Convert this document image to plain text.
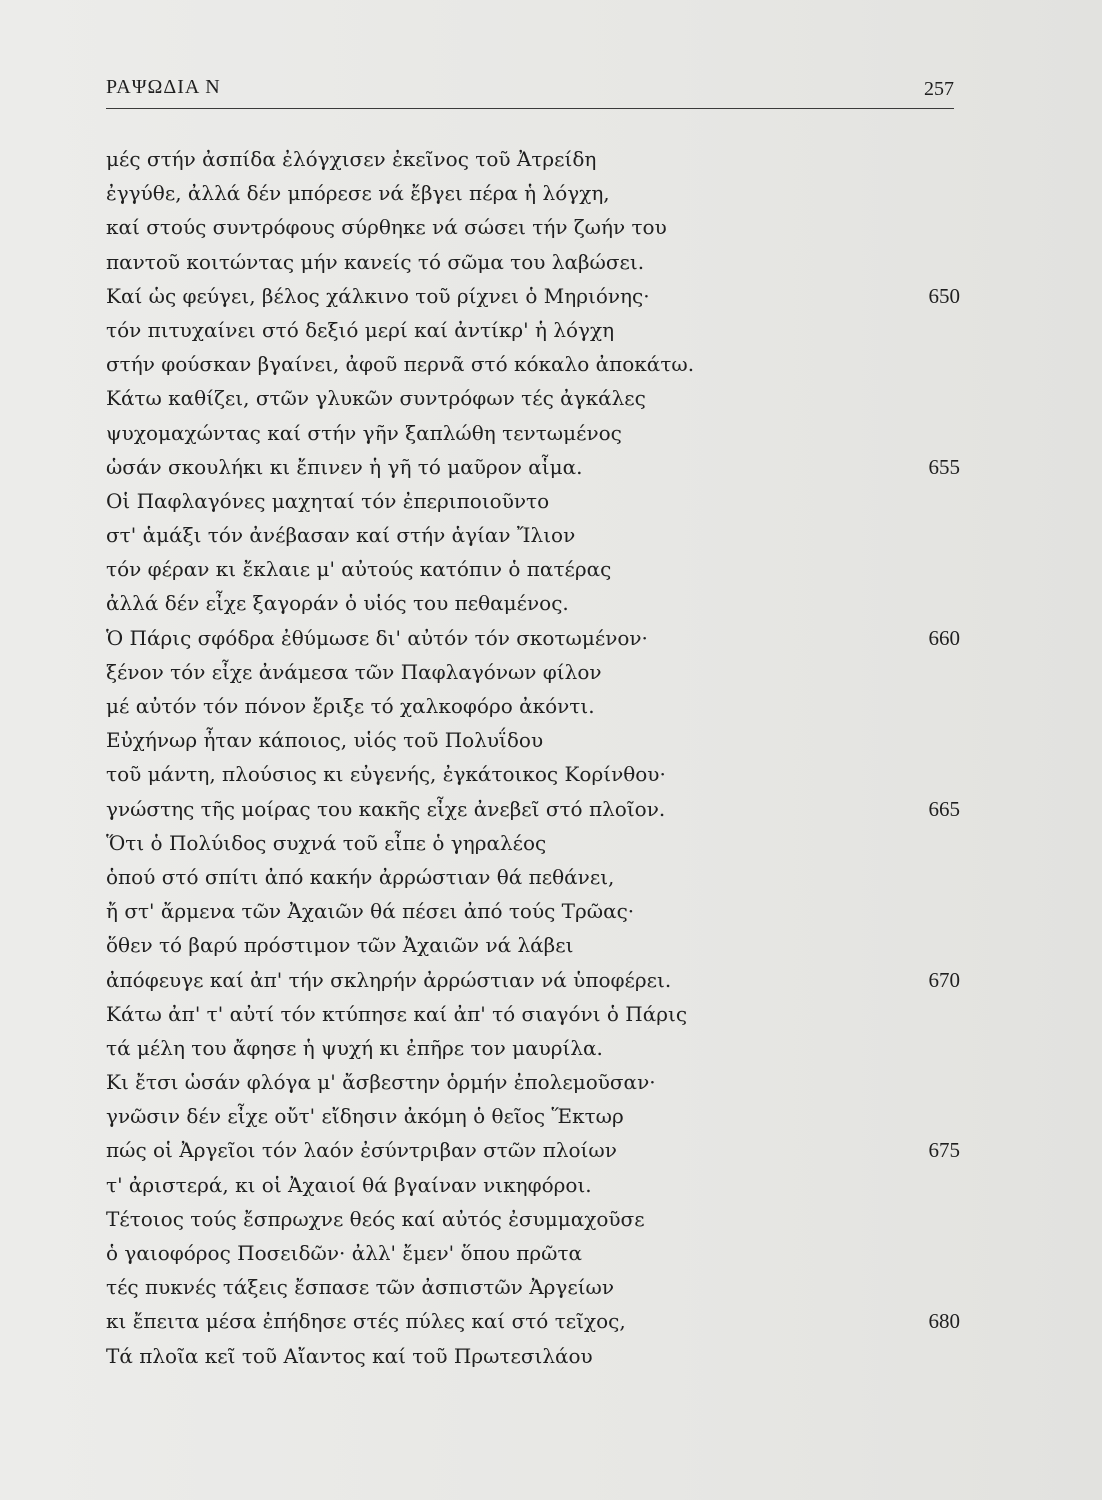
ΡΑΨΩΔΙΑ Ν	257
μές στήν ἀσπίδα ἐλόγχισεν ἐκεῖνος τοῦ Ἀτρείδη
ἐγγύθε, ἀλλά δέν μπόρεσε νά ἔβγει πέρα ἡ λόγχη,
καί στούς συντρόφους σύρθηκε νά σώσει τήν ζωήν του
παντοῦ κοιτώντας μήν κανείς τό σῶμα του λαβώσει.
Καί ὡς φεύγει, βέλος χάλκινο τοῦ ρίχνει ὁ Μηριόνης·	650
τόν πιτυχαίνει στό δεξιό μερί καί ἀντίκρ' ἡ λόγχη
στήν φούσκαν βγαίνει, ἀφοῦ περνᾶ στό κόκαλο ἀποκάτω.
Κάτω καθίζει, στῶν γλυκῶν συντρόφων τές ἀγκάλες
ψυχομαχώντας καί στήν γῆν ξαπλώθη τεντωμένος
ὡσάν σκουλήκι κι ἔπινεν ἡ γῆ τό μαῦρον αἷμα.	655
Οἱ Παφλαγόνες μαχηταί τόν ἐπεριποιοῦντο
στ' ἁμάξι τόν ἀνέβασαν καί στήν ἁγίαν Ἴλιον
τόν φέραν κι ἔκλαιε μ' αὐτούς κατόπιν ὁ πατέρας
ἀλλά δέν εἶχε ξαγοράν ὁ υἱός του πεθαμένος.
Ὁ Πάρις σφόδρα ἐθύμωσε δι' αὐτόν τόν σκοτωμένον·	660
ξένον τόν εἶχε ἀνάμεσα τῶν Παφλαγόνων φίλον
μέ αὐτόν τόν πόνον ἔριξε τό χαλκοφόρο ἀκόντι.
Εὐχήνωρ ἦταν κάποιος, υἱός τοῦ Πολυΐδου
τοῦ μάντη, πλούσιος κι εὐγενής, ἐγκάτοικος Κορίνθου·
γνώστης τῆς μοίρας του κακῆς εἶχε ἀνεβεῖ στό πλοῖον.	665
Ὅτι ὁ Πολύιδος συχνά τοῦ εἶπε ὁ γηραλέος
ὁπού στό σπίτι ἀπό κακήν ἀρρώστιαν θά πεθάνει,
ἤ στ' ἄρμενα τῶν Ἀχαιῶν θά πέσει ἀπό τούς Τρῶας·
ὅθεν τό βαρύ πρόστιμον τῶν Ἀχαιῶν νά λάβει
ἀπόφευγε καί ἀπ' τήν σκληρήν ἀρρώστιαν νά ὑποφέρει.	670
Κάτω ἀπ' τ' αὐτί τόν κτύπησε καί ἀπ' τό σιαγόνι ὁ Πάρις
τά μέλη του ἄφησε ἡ ψυχή κι ἐπῆρε τον μαυρίλα.
Κι ἔτσι ὡσάν φλόγα μ' ἄσβεστην ὁρμήν ἐπολεμοῦσαν·
γνῶσιν δέν εἶχε οὔτ' εἴδησιν ἀκόμη ὁ θεῖος Ἕκτωρ
πώς οἱ Ἀργεῖοι τόν λαόν ἐσύντριβαν στῶν πλοίων	675
τ' ἀριστερά, κι οἱ Ἀχαιοί θά βγαίναν νικηφόροι.
Τέτοιος τούς ἔσπρωχνε θεός καί αὐτός ἐσυμμαχοῦσε
ὁ γαιοφόρος Ποσειδῶν· ἀλλ' ἔμεν' ὅπου πρῶτα
τές πυκνές τάξεις ἔσπασε τῶν ἀσπιστῶν Ἀργείων
κι ἔπειτα μέσα ἐπήδησε στές πύλες καί στό τεῖχος,	680
Τά πλοῖα κεῖ τοῦ Αἴαντος καί τοῦ Πρωτεσιλάου
